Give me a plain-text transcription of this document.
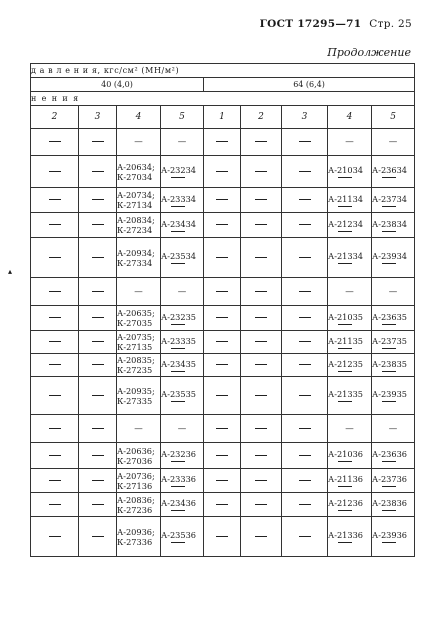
ГОСТ 17295—71 Стр. 25
Продолжение
▴
д а в л е н и я, кгс/см² (МН/м²)								
40 (4,0)				64 (6,4)				
н е н и я								
2	3	4	5	1	2	3	4	5
		—	—				—	—
		А-20634;
К-27034	А-23234				А-21034	А-23634

		А-20734;
К-27134	А-23334				А-21134	А-23734

		А-20834;
К-27234	А-23434				А-21234	А-23834

		А-20934;
К-27334	А-23534				А-21334	А-23934

		—	—				—	—
		А-20635;
К-27035	А-23235				А-21035	А-23635

		А-20735;
К-27135	А-23335				А-21135	А-23735

		А-20835;
К-27235	А-23435				А-21235	А-23835

		А-20935;
К-27335	А-23535				А-21335	А-23935

		—	—				—	—
		А-20636;
К-27036	А-23236				А-21036	А-23636

		А-20736;
К-27136	А-23336				А-21136	А-23736

		А-20836;
К-27236	А-23436				А-21236	А-23836

		А-20936;
К-27336	А-23536				А-21336	А-23936
